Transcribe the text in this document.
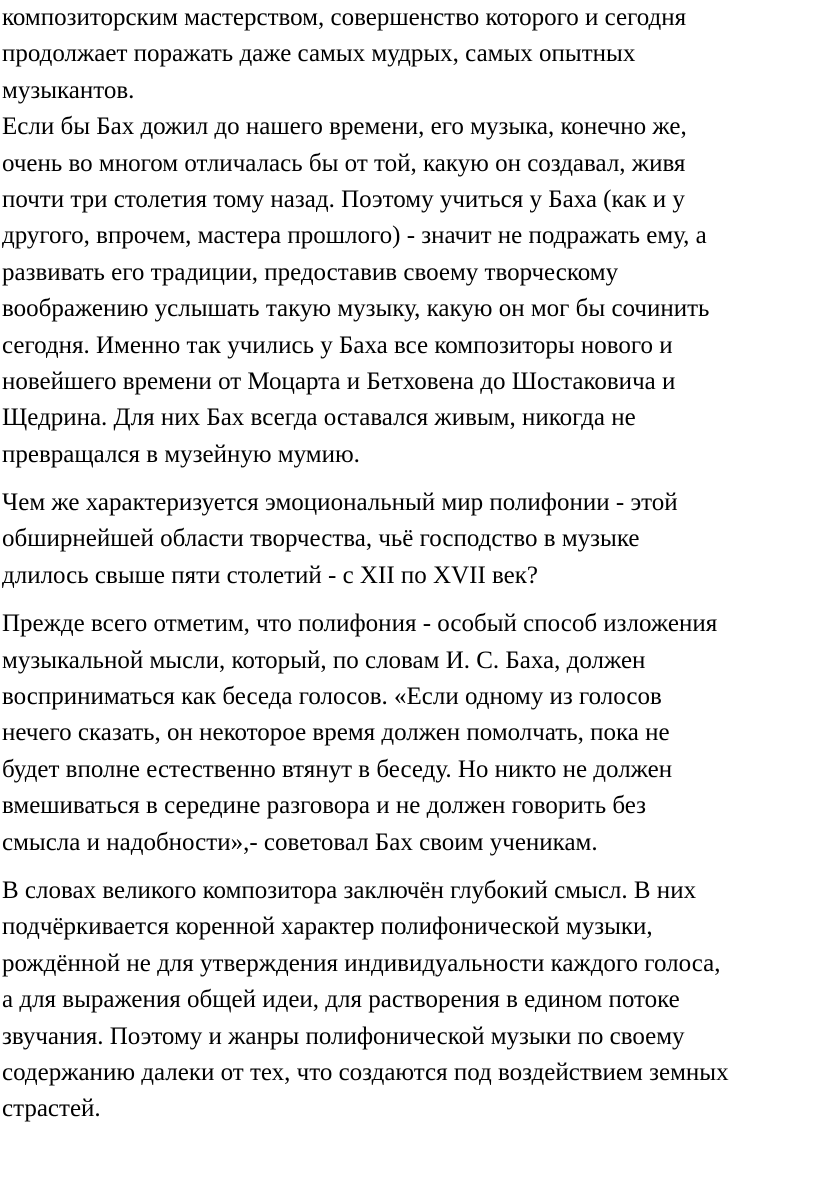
композиторским мастерством, совершенство которого и сегодня
продолжает поражать даже самых мудрых, самых опытных
музыкантов.
Если бы Бах дожил до нашего времени, его музыка, конечно же,
очень во многом отличалась бы от той, какую он создавал, живя
почти три столетия тому назад. Поэтому учиться у Баха (как и у
другого, впрочем, мастера прошлого) - значит не подражать ему, а
развивать его традиции, предоставив своему творческому
воображению услышать такую музыку, какую он мог бы сочинить
сегодня. Именно так учились у Баха все композиторы нового и
новейшего времени от Моцарта и Бетховена до Шостаковича и
Щедрина. Для них Бах всегда оставался живым, никогда не
превращался в музейную мумию.
Чем же характеризуется эмоциональный мир полифонии - этой
обширнейшей области творчества, чьё господство в музыке
длилось свыше пяти столетий - с XII по XVII век?
Прежде всего отметим, что полифония - особый способ изложения
музыкальной мысли, который, по словам И. С. Баха, должен
восприниматься как беседа голосов. «Если одному из голосов
нечего сказать, он некоторое время должен помолчать, пока не
будет вполне естественно втянут в беседу. Но никто не должен
вмешиваться в середине разговора и не должен говорить без
смысла и надобности»,- советовал Бах своим ученикам.
В словах великого композитора заключён глубокий смысл. В них
подчёркивается коренной характер полифонической музыки,
рождённой не для утверждения индивидуальности каждого голоса,
а для выражения общей идеи, для растворения в едином потоке
звучания. Поэтому и жанры полифонической музыки по своему
содержанию далеки от тех, что создаются под воздействием земных
страстей.
